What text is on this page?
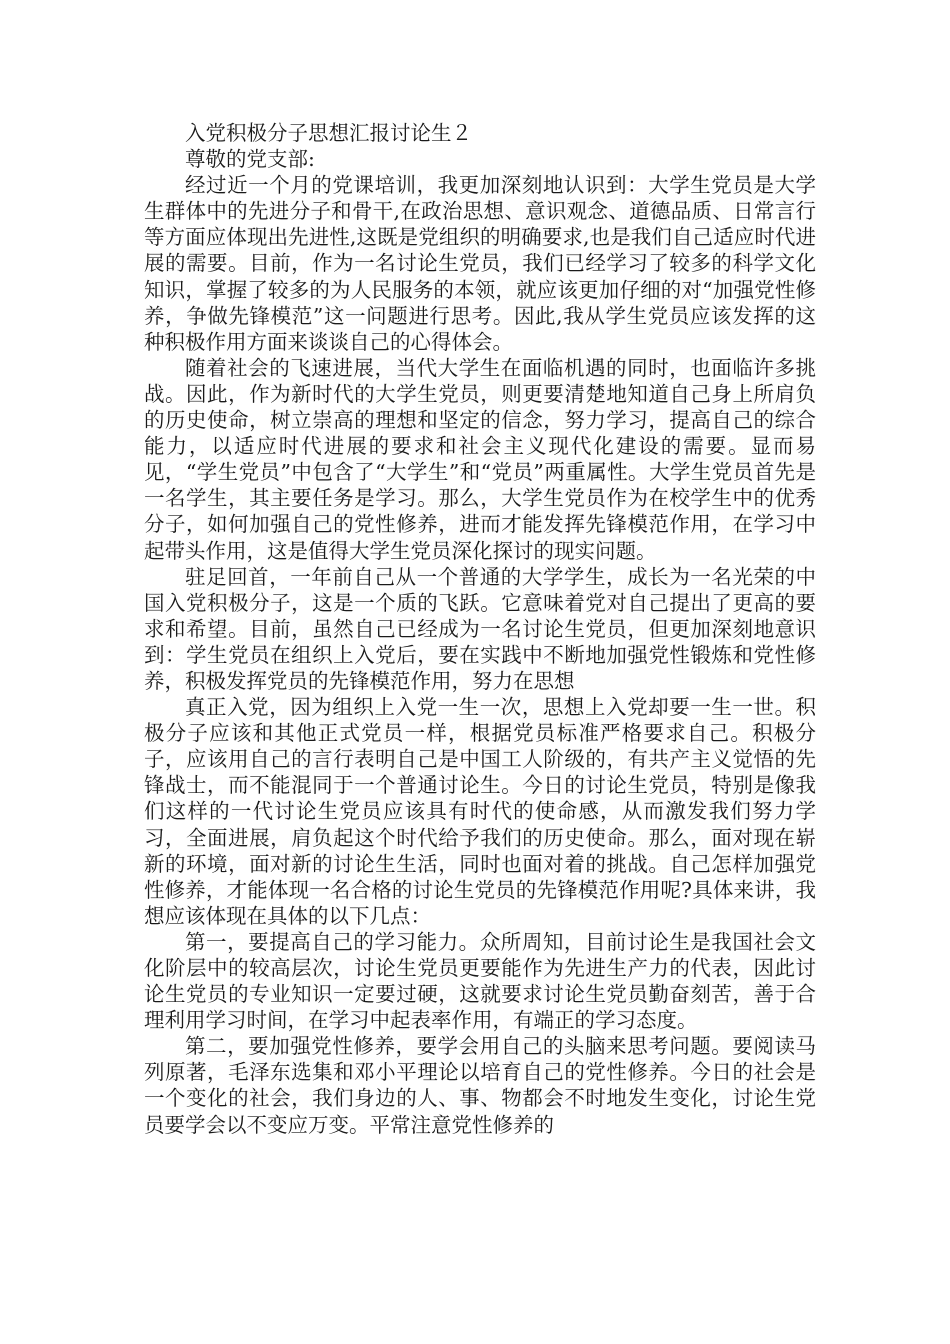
入党积极分子思想汇报讨论生２

尊敬的党支部:

经过近一个月的党课培训，我更加深刻地认识到：大学生党员是大学生群体中的先进分子和骨干,在政治思想、意识观念、道德品质、日常言行等方面应体现出先进性,这既是党组织的明确要求,也是我们自己适应时代进展的需要。目前，作为一名讨论生党员，我们已经学习了较多的科学文化知识，掌握了较多的为人民服务的本领，就应该更加仔细的对“加强党性修养，争做先锋模范”这一问题进行思考。因此,我从学生党员应该发挥的这种积极作用方面来谈谈自己的心得体会。

随着社会的飞速进展，当代大学生在面临机遇的同时，也面临许多挑战。因此，作为新时代的大学生党员，则更要清楚地知道自己身上所肩负的历史使命，树立崇高的理想和坚定的信念，努力学习，提高自己的综合能力，以适应时代进展的要求和社会主义现代化建设的需要。显而易见，“学生党员”中包含了“大学生”和“党员”两重属性。大学生党员首先是一名学生，其主要任务是学习。那么，大学生党员作为在校学生中的优秀分子，如何加强自己的党性修养，进而才能发挥先锋模范作用，在学习中起带头作用，这是值得大学生党员深化探讨的现实问题。

驻足回首，一年前自己从一个普通的大学学生，成长为一名光荣的中国入党积极分子，这是一个质的飞跃。它意味着党对自己提出了更高的要求和希望。目前，虽然自己已经成为一名讨论生党员，但更加深刻地意识到：学生党员在组织上入党后，要在实践中不断地加强党性锻炼和党性修养，积极发挥党员的先锋模范作用，努力在思想

真正入党，因为组织上入党一生一次，思想上入党却要一生一世。积极分子应该和其他正式党员一样，根据党员标准严格要求自己。积极分子，应该用自己的言行表明自己是中国工人阶级的，有共产主义觉悟的先锋战士，而不能混同于一个普通讨论生。今日的讨论生党员，特别是像我们这样的一代讨论生党员应该具有时代的使命感，从而激发我们努力学习，全面进展，肩负起这个时代给予我们的历史使命。那么，面对现在崭新的环境，面对新的讨论生生活，同时也面对着的挑战。自己怎样加强党性修养，才能体现一名合格的讨论生党员的先锋模范作用呢?具体来讲，我想应该体现在具体的以下几点：

第一，要提高自己的学习能力。众所周知，目前讨论生是我国社会文化阶层中的较高层次，讨论生党员更要能作为先进生产力的代表，因此讨论生党员的专业知识一定要过硬，这就要求讨论生党员勤奋刻苦，善于合理利用学习时间，在学习中起表率作用，有端正的学习态度。

第二，要加强党性修养，要学会用自己的头脑来思考问题。要阅读马列原著，毛泽东选集和邓小平理论以培育自己的党性修养。今日的社会是一个变化的社会，我们身边的人、事、物都会不时地发生变化，讨论生党员要学会以不变应万变。平常注意党性修养的
